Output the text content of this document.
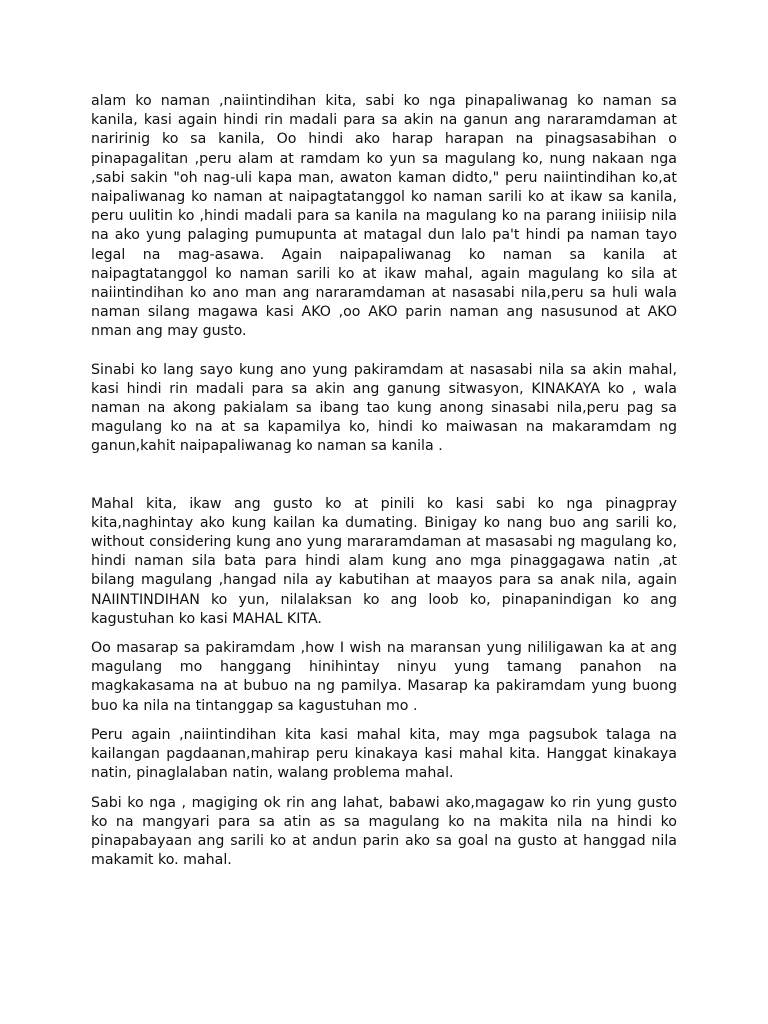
alam ko naman ,naiintindihan kita, sabi ko nga pinapaliwanag ko naman sa kanila, kasi again hindi rin madali para sa akin na ganun ang nararamdaman at naririnig ko sa kanila, Oo hindi ako harap harapan na pinagsasabihan o pinapagalitan ,peru alam at ramdam ko yun sa magulang ko, nung nakaan nga ,sabi sakin "oh nag-uli kapa man, awaton kaman didto," peru naiintindihan ko,at naipaliwanag ko naman at naipagtatanggol ko naman sarili ko at ikaw sa kanila, peru uulitin ko ,hindi madali para sa kanila na magulang ko na parang iniiisip nila na ako yung palaging pumupunta at matagal dun lalo pa't hindi pa naman tayo legal na mag-asawa. Again naipapaliwanag ko naman sa kanila at naipagtatanggol ko naman sarili ko at ikaw mahal, again magulang ko sila at naiintindihan ko ano man ang nararamdaman at nasasabi nila,peru sa huli wala naman silang magawa kasi AKO ,oo AKO parin naman ang nasusunod at AKO nman ang may gusto.

Sinabi ko lang sayo kung ano yung pakiramdam at nasasabi nila sa akin mahal, kasi hindi rin madali para sa akin ang ganung sitwasyon, KINAKAYA ko , wala naman na akong pakialam sa ibang tao kung anong sinasabi nila,peru pag sa magulang ko na at sa kapamilya ko, hindi ko maiwasan na makaramdam ng ganun,kahit naipapaliwanag ko naman sa kanila .

Mahal kita, ikaw ang gusto ko at pinili ko kasi sabi ko nga pinagpray kita,naghintay ako kung kailan ka dumating. Binigay ko nang buo ang sarili ko, without considering kung ano yung mararamdaman at masasabi ng magulang ko, hindi naman sila bata para hindi alam kung ano mga pinaggagawa natin ,at bilang magulang ,hangad nila ay kabutihan at maayos para sa anak nila, again NAIINTINDIHAN ko yun, nilalaksan ko ang loob ko, pinapanindigan ko ang kagustuhan ko kasi MAHAL KITA.

Oo masarap sa pakiramdam ,how I wish na maransan yung nililigawan ka at ang magulang mo hanggang hinihintay ninyu yung tamang panahon na magkakasama na at bubuo na ng pamilya. Masarap ka pakiramdam yung buong buo ka nila na tintanggap sa kagustuhan mo .

Peru again ,naiintindihan kita kasi mahal kita, may mga pagsubok talaga na kailangan pagdaanan,mahirap peru kinakaya kasi mahal kita. Hanggat kinakaya natin, pinaglalaban natin, walang problema mahal.

Sabi ko nga , magiging ok rin ang lahat, babawi ako,magagaw ko rin yung gusto ko na mangyari para sa atin as sa magulang ko na makita nila na hindi ko pinapabayaan ang sarili ko at andun parin ako sa goal na gusto at hanggad nila makamit ko. mahal.
